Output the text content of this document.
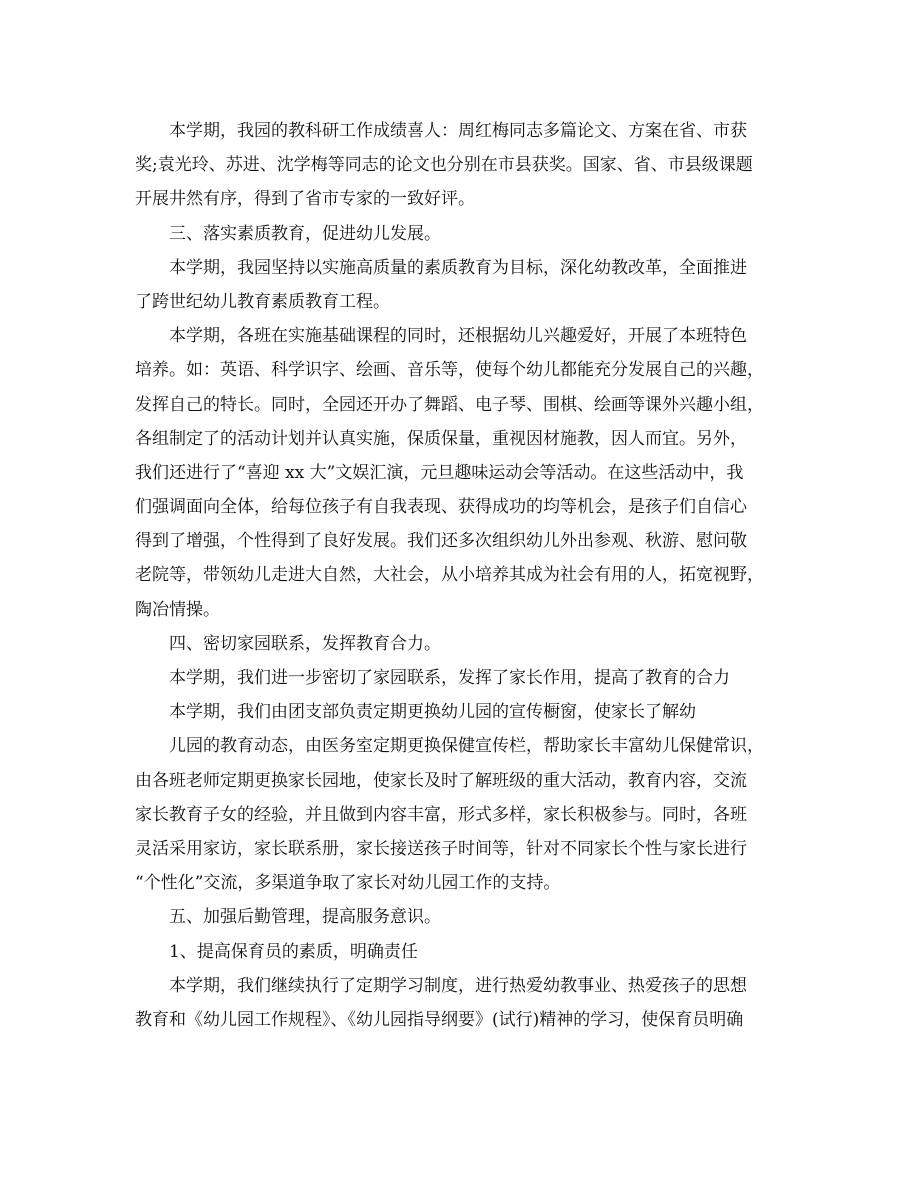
本学期，我园的教科研工作成绩喜人：周红梅同志多篇论文、方案在省、市获
奖;袁光玲、苏进、沈学梅等同志的论文也分别在市县获奖。国家、省、市县级课题
开展井然有序，得到了省市专家的一致好评。
三、落实素质教育，促进幼儿发展。
本学期，我园坚持以实施高质量的素质教育为目标，深化幼教改革，全面推进
了跨世纪幼儿教育素质教育工程。
本学期，各班在实施基础课程的同时，还根据幼儿兴趣爱好，开展了本班特色
培养。如：英语、科学识字、绘画、音乐等，使每个幼儿都能充分发展自己的兴趣，
发挥自己的特长。同时，全园还开办了舞蹈、电子琴、围棋、绘画等课外兴趣小组，
各组制定了的活动计划并认真实施，保质保量，重视因材施教，因人而宜。另外，
我们还进行了“喜迎 xx 大”文娱汇演，元旦趣味运动会等活动。在这些活动中，我
们强调面向全体，给每位孩子有自我表现、获得成功的均等机会，是孩子们自信心
得到了增强，个性得到了良好发展。我们还多次组织幼儿外出参观、秋游、慰问敬
老院等，带领幼儿走进大自然，大社会，从小培养其成为社会有用的人，拓宽视野，
陶冶情操。
四、密切家园联系，发挥教育合力。
本学期，我们进一步密切了家园联系，发挥了家长作用，提高了教育的合力
本学期，我们由团支部负责定期更换幼儿园的宣传橱窗，使家长了解幼
儿园的教育动态，由医务室定期更换保健宣传栏，帮助家长丰富幼儿保健常识，
由各班老师定期更换家长园地，使家长及时了解班级的重大活动，教育内容，交流
家长教育子女的经验，并且做到内容丰富，形式多样，家长积极参与。同时，各班
灵活采用家访，家长联系册，家长接送孩子时间等，针对不同家长个性与家长进行
“个性化”交流，多渠道争取了家长对幼儿园工作的支持。
五、加强后勤管理，提高服务意识。
1、提高保育员的素质，明确责任
本学期，我们继续执行了定期学习制度，进行热爱幼教事业、热爱孩子的思想
教育和《幼儿园工作规程》、《幼儿园指导纲要》(试行)精神的学习，使保育员明确
